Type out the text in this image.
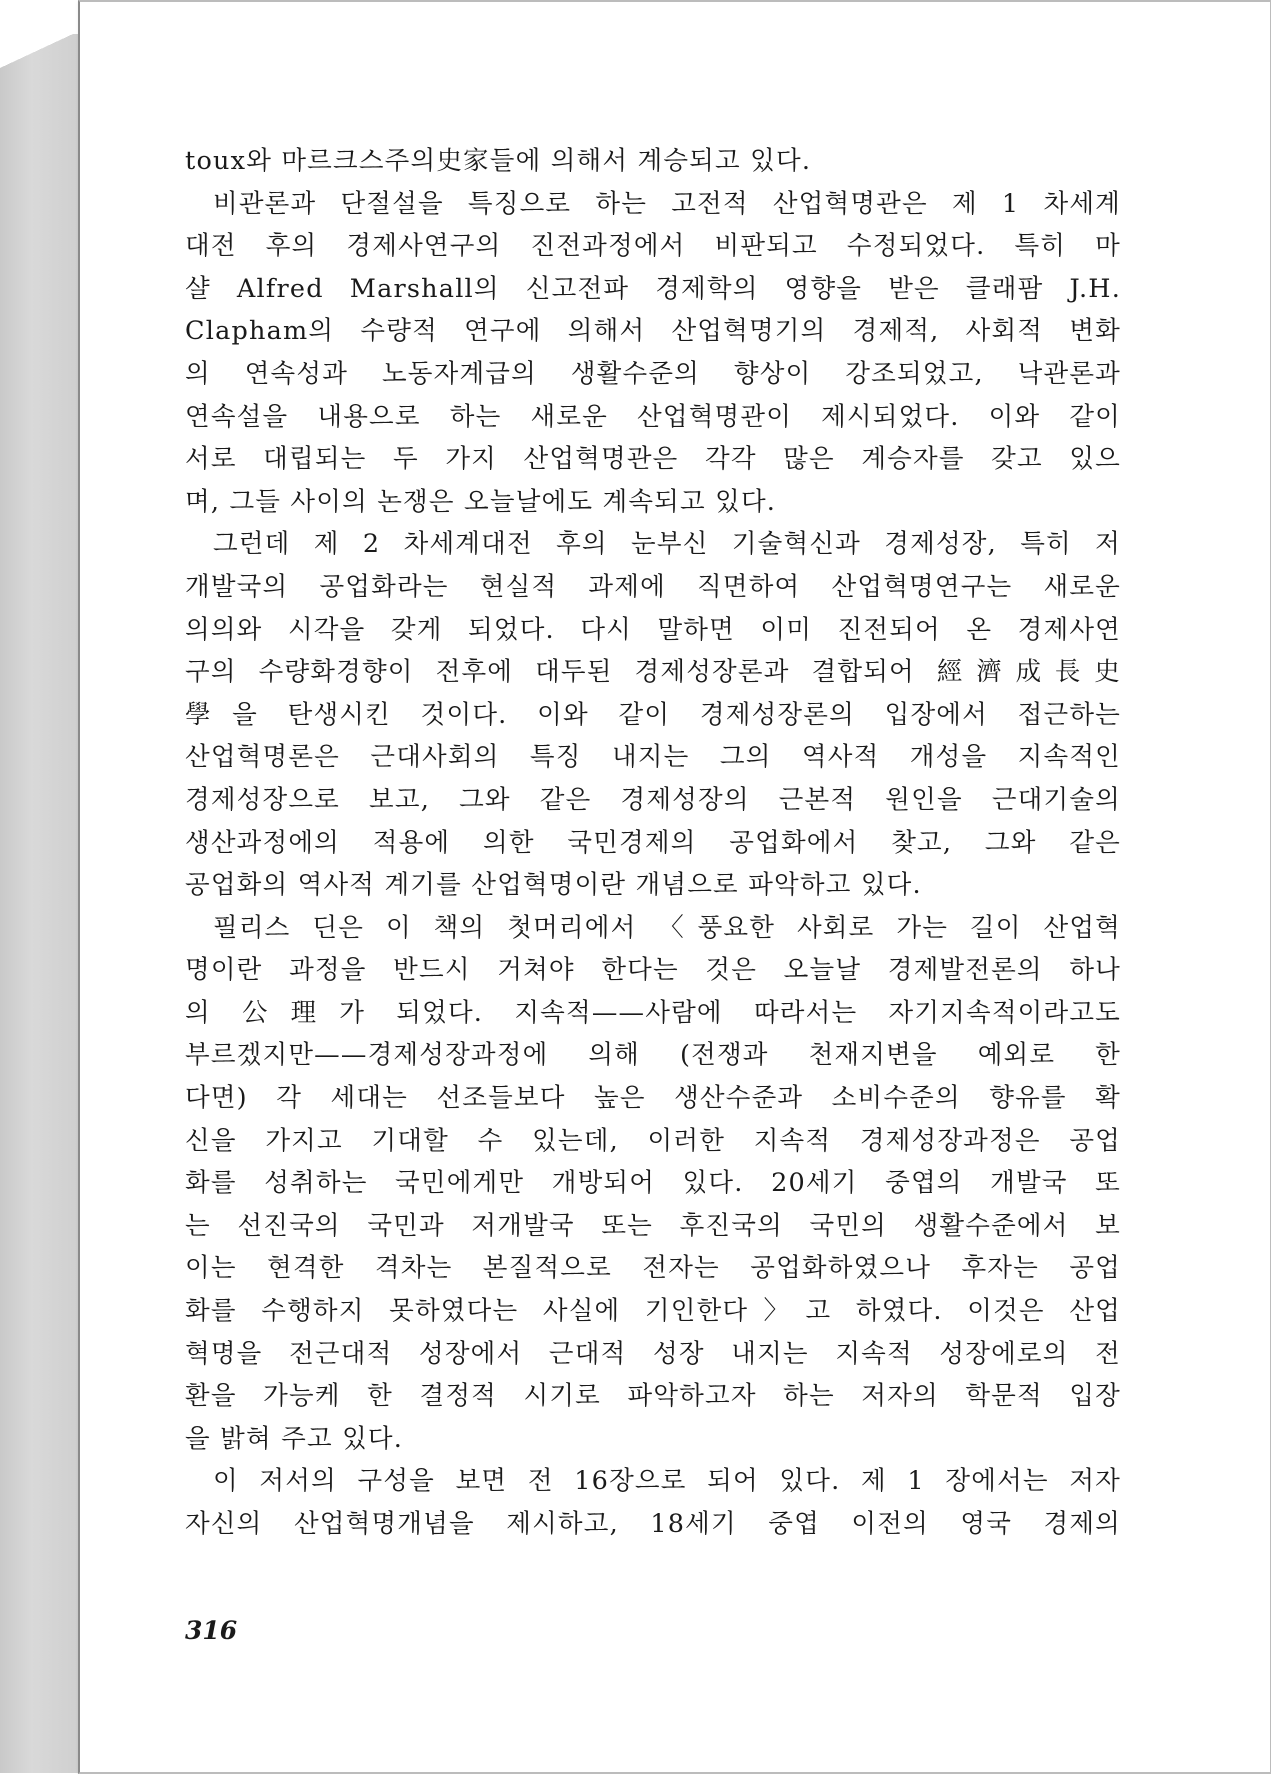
toux와 마르크스주의史家들에 의해서 계승되고 있다.
비관론과 단절설을 특징으로 하는 고전적 산업혁명관은 제 1 차세계
대전 후의 경제사연구의 진전과정에서 비판되고 수정되었다. 특히 마
샬 Alfred Marshall의 신고전파 경제학의 영향을 받은 클래팜 J.H.
Clapham의 수량적 연구에 의해서 산업혁명기의 경제적, 사회적 변화
의 연속성과 노동자계급의 생활수준의 향상이 강조되었고, 낙관론과
연속설을 내용으로 하는 새로운 산업혁명관이 제시되었다. 이와 같이
서로 대립되는 두 가지 산업혁명관은 각각 많은 계승자를 갖고 있으
며, 그들 사이의 논쟁은 오늘날에도 계속되고 있다.
그런데 제 2 차세계대전 후의 눈부신 기술혁신과 경제성장, 특히 저
개발국의 공업화라는 현실적 과제에 직면하여 산업혁명연구는 새로운
의의와 시각을 갖게 되었다. 다시 말하면 이미 진전되어 온 경제사연
구의 수량화경향이 전후에 대두된 경제성장론과 결합되어 經濟成長史
學을 탄생시킨 것이다. 이와 같이 경제성장론의 입장에서 접근하는
산업혁명론은 근대사회의 특징 내지는 그의 역사적 개성을 지속적인
경제성장으로 보고, 그와 같은 경제성장의 근본적 원인을 근대기술의
생산과정에의 적용에 의한 국민경제의 공업화에서 찾고, 그와 같은
공업화의 역사적 계기를 산업혁명이란 개념으로 파악하고 있다.
필리스 딘은 이 책의 첫머리에서 〈풍요한 사회로 가는 길이 산업혁
명이란 과정을 반드시 거쳐야 한다는 것은 오늘날 경제발전론의 하나
의 公理가 되었다. 지속적——사람에 따라서는 자기지속적이라고도
부르겠지만——경제성장과정에 의해 (전쟁과 천재지변을 예외로 한
다면) 각 세대는 선조들보다 높은 생산수준과 소비수준의 향유를 확
신을 가지고 기대할 수 있는데, 이러한 지속적 경제성장과정은 공업
화를 성취하는 국민에게만 개방되어 있다. 20세기 중엽의 개발국 또
는 선진국의 국민과 저개발국 또는 후진국의 국민의 생활수준에서 보
이는 현격한 격차는 본질적으로 전자는 공업화하였으나 후자는 공업
화를 수행하지 못하였다는 사실에 기인한다〉고 하였다. 이것은 산업
혁명을 전근대적 성장에서 근대적 성장 내지는 지속적 성장에로의 전
환을 가능케 한 결정적 시기로 파악하고자 하는 저자의 학문적 입장
을 밝혀 주고 있다.
이 저서의 구성을 보면 전 16장으로 되어 있다. 제 1 장에서는 저자
자신의 산업혁명개념을 제시하고, 18세기 중엽 이전의 영국 경제의
316
